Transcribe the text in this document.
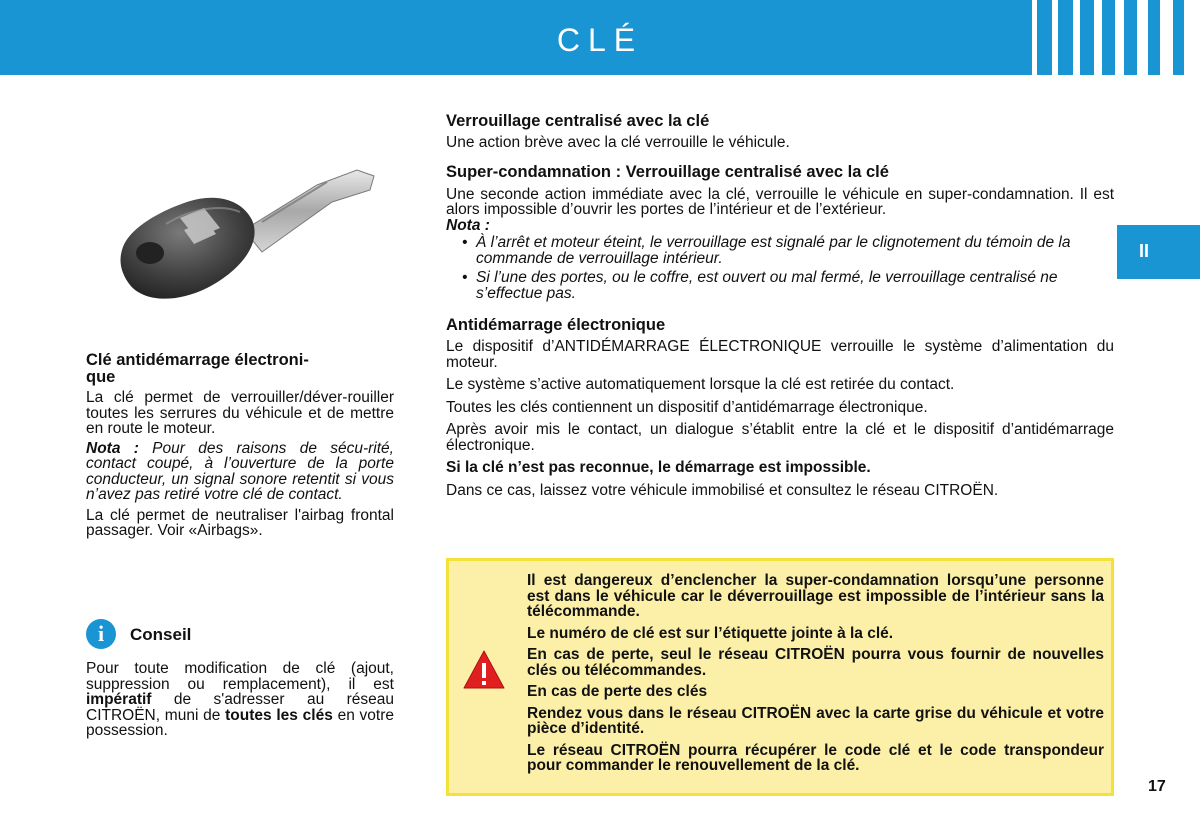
CLÉ
II

Clé antidémarrage électroni-

que

La clé permet de verrouiller/déver-rouiller toutes les serrures du véhicule et de mettre en route le moteur.

Nota : Pour des raisons de sécu-rité, contact coupé, à l’ouverture de la porte conducteur, un signal sonore retentit si vous n’avez pas retiré votre clé de contact.

La clé permet de neutraliser l'airbag frontal passager. Voir «Airbags».

i	Conseil

Pour toute modification de clé (ajout, suppression ou remplacement), il est impératif de s'adresser au réseau CITROËN, muni de toutes les clés en votre possession.

Verrouillage centralisé avec la clé

Une action brève avec la clé verrouille le véhicule.

Super-condamnation : Verrouillage centralisé avec la clé

Une seconde action immédiate avec la clé, verrouille le véhicule en super-condamnation. Il est alors impossible d’ouvrir les portes de l’intérieur et de l’extérieur.

Nota :

• À l’arrêt et moteur éteint, le verrouillage est signalé par le clignotement du témoin de la commande de verrouillage intérieur.
• Si l’une des portes, ou le coffre, est ouvert ou mal fermé, le verrouillage centralisé ne s’effectue pas.

Antidémarrage électronique

Le dispositif d’ANTIDÉMARRAGE ÉLECTRONIQUE verrouille le système d’alimentation du moteur.

Le système s’active automatiquement lorsque la clé est retirée du contact.

Toutes les clés contiennent un dispositif d’antidémarrage électronique.

Après avoir mis le contact, un dialogue s’établit entre la clé et le dispositif d’antidémarrage électronique.

Si la clé n’est pas reconnue, le démarrage est impossible.

Dans ce cas, laissez votre véhicule immobilisé et consultez le réseau CITROËN.

Il est dangereux d’enclencher la super-condamnation lorsqu’une personne est dans le véhicule car le déverrouillage est impossible de l’intérieur sans la télécommande.

Le numéro de clé est sur l’étiquette jointe à la clé.

En cas de perte, seul le réseau CITROËN pourra vous fournir de nouvelles clés ou télécommandes.

En cas de perte des clés

Rendez vous dans le réseau CITROËN avec la carte grise du véhicule et votre pièce d’identité.

Le réseau CITROËN pourra récupérer le code clé et le code transpondeur pour commander le renouvellement de la clé.

17
